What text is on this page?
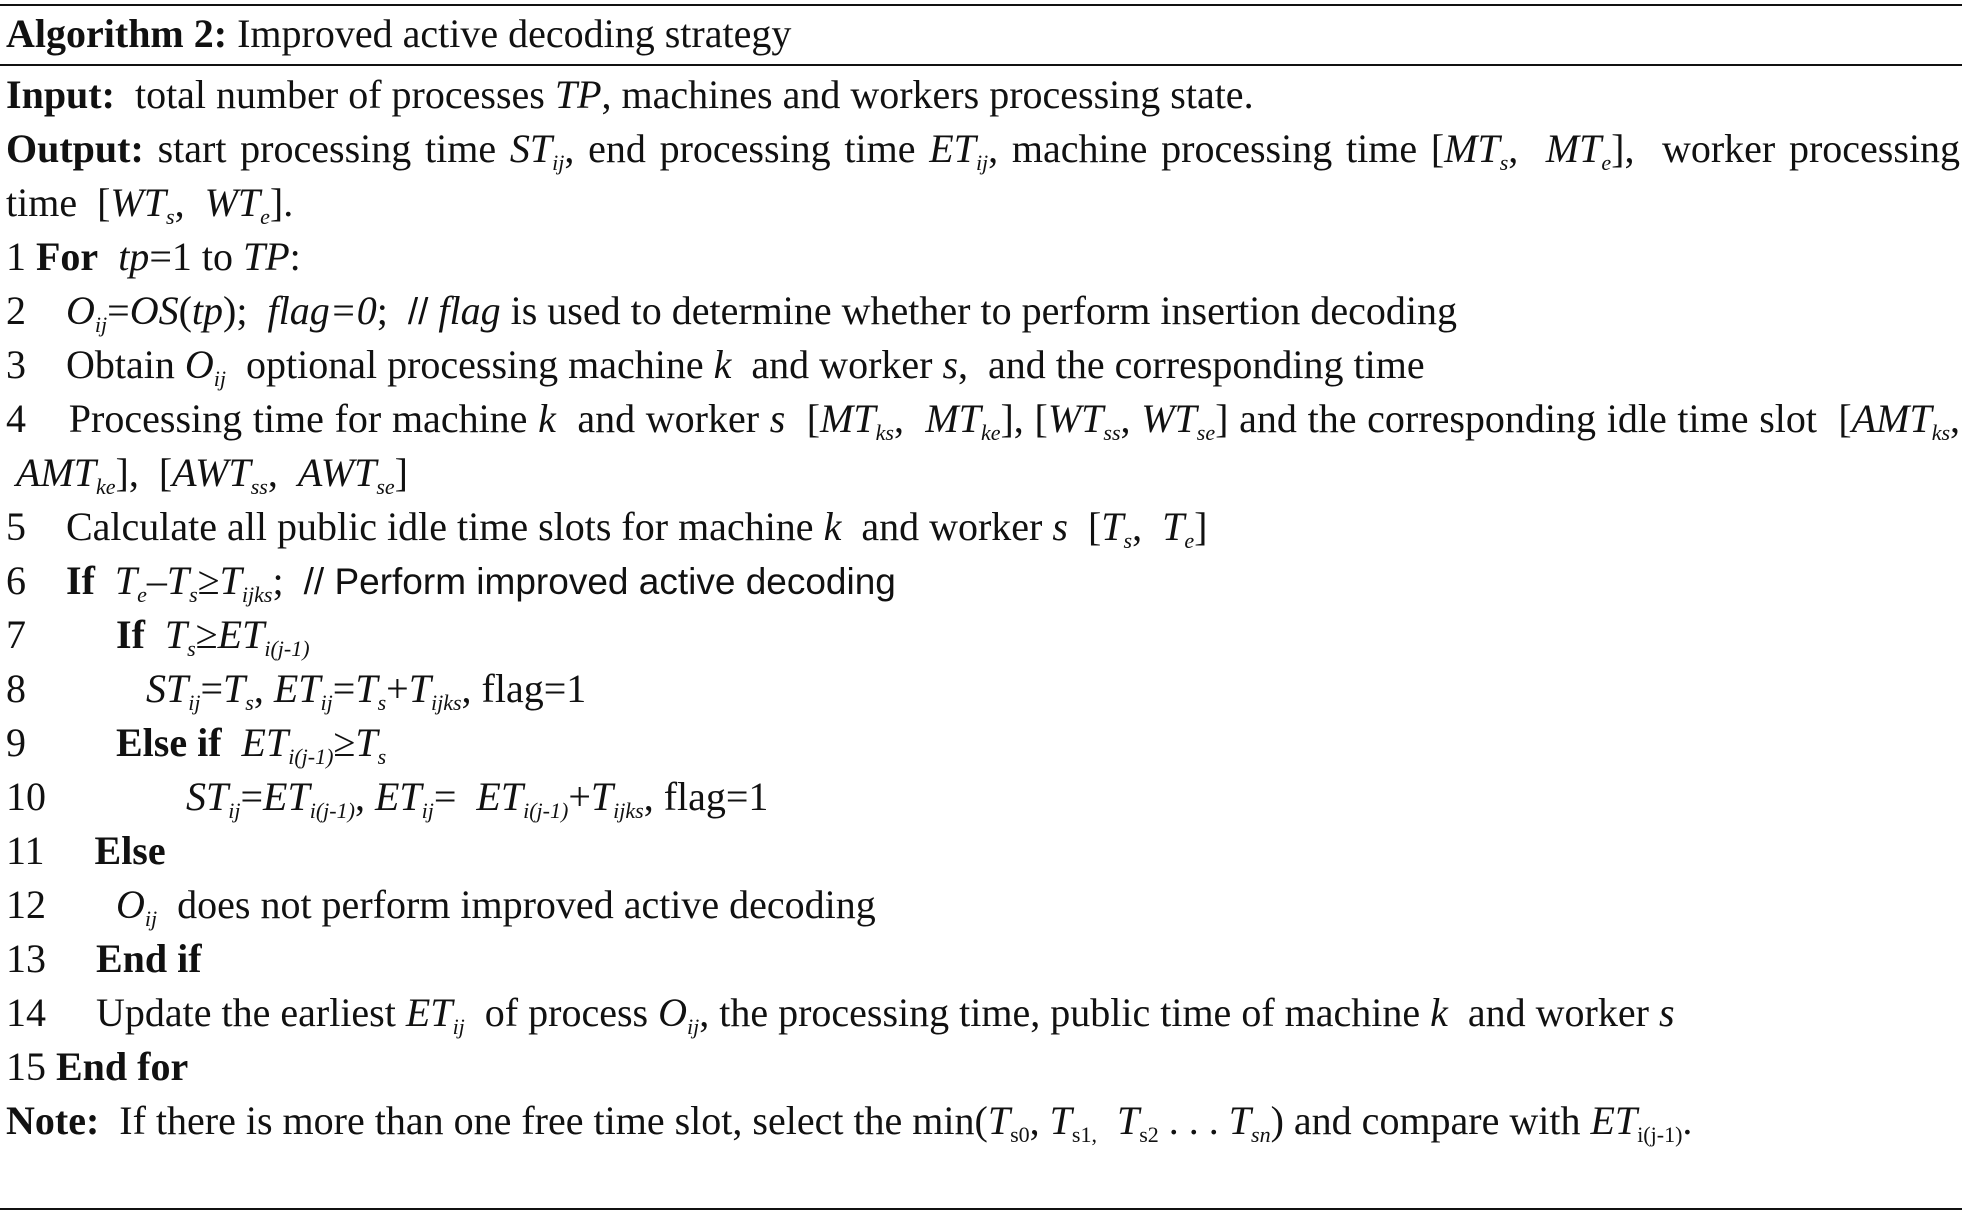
Algorithm 2: Improved active decoding strategy
Input: total number of processes TP, machines and workers processing state.
Output: start processing time $ST_{ij}$, end processing time $ET_{ij}$, machine processing time [$MT_s$,  $MT_e$],  worker processing time  [$WT_s$,  $WT_e$].
1 For tp=1 to TP:
2 $O_{ij}=OS(tp)$;  flag=0;  // flag is used to determine whether to perform insertion decoding
3 Obtain $O_{ij}$ optional processing machine k and worker s,  and the corresponding time
4 Processing time for machine k and worker s  [$MT_{ks}$,  $MT_{ke}$], [$WT_{ss}$, $WT_{se}$] and the corresponding idle time slot  [$AMT_{ks}$,  $AMT_{ke}$],  [$AWT_{ss}$,  $AWT_{se}$]
5 Calculate all public idle time slots for machine k and worker s  [$T_s$,  $T_e$]
6 If $T_e-T_s\ge T_{ijks}$;  // Perform improved active decoding
7 If $T_s\ge ET_{i(j-1)}$
8	$ST_{ij}=T_s$, $ET_{ij}=T_s+T_{ijks}$, flag=1
9 Else if $ET_{i(j-1)}\ge T_s$
10	$ST_{ij}=ET_{i(j-1)}$, $ET_{ij}= ET_{i(j-1)}+T_{ijks}$, flag=1
11 Else
12 $O_{ij}$ does not perform improved active decoding
13 End if
14 Update the earliest $ET_{ij}$ of process $O_{ij}$, the processing time, public time of machine k and worker s
15 End for
Note: If there is more than one free time slot, select the $\min(T_{s0}$, $T_{s1,}$ $T_{s2}$ . . . $T_{sn}$) and compare with $ET_{i(j-1)}$.
